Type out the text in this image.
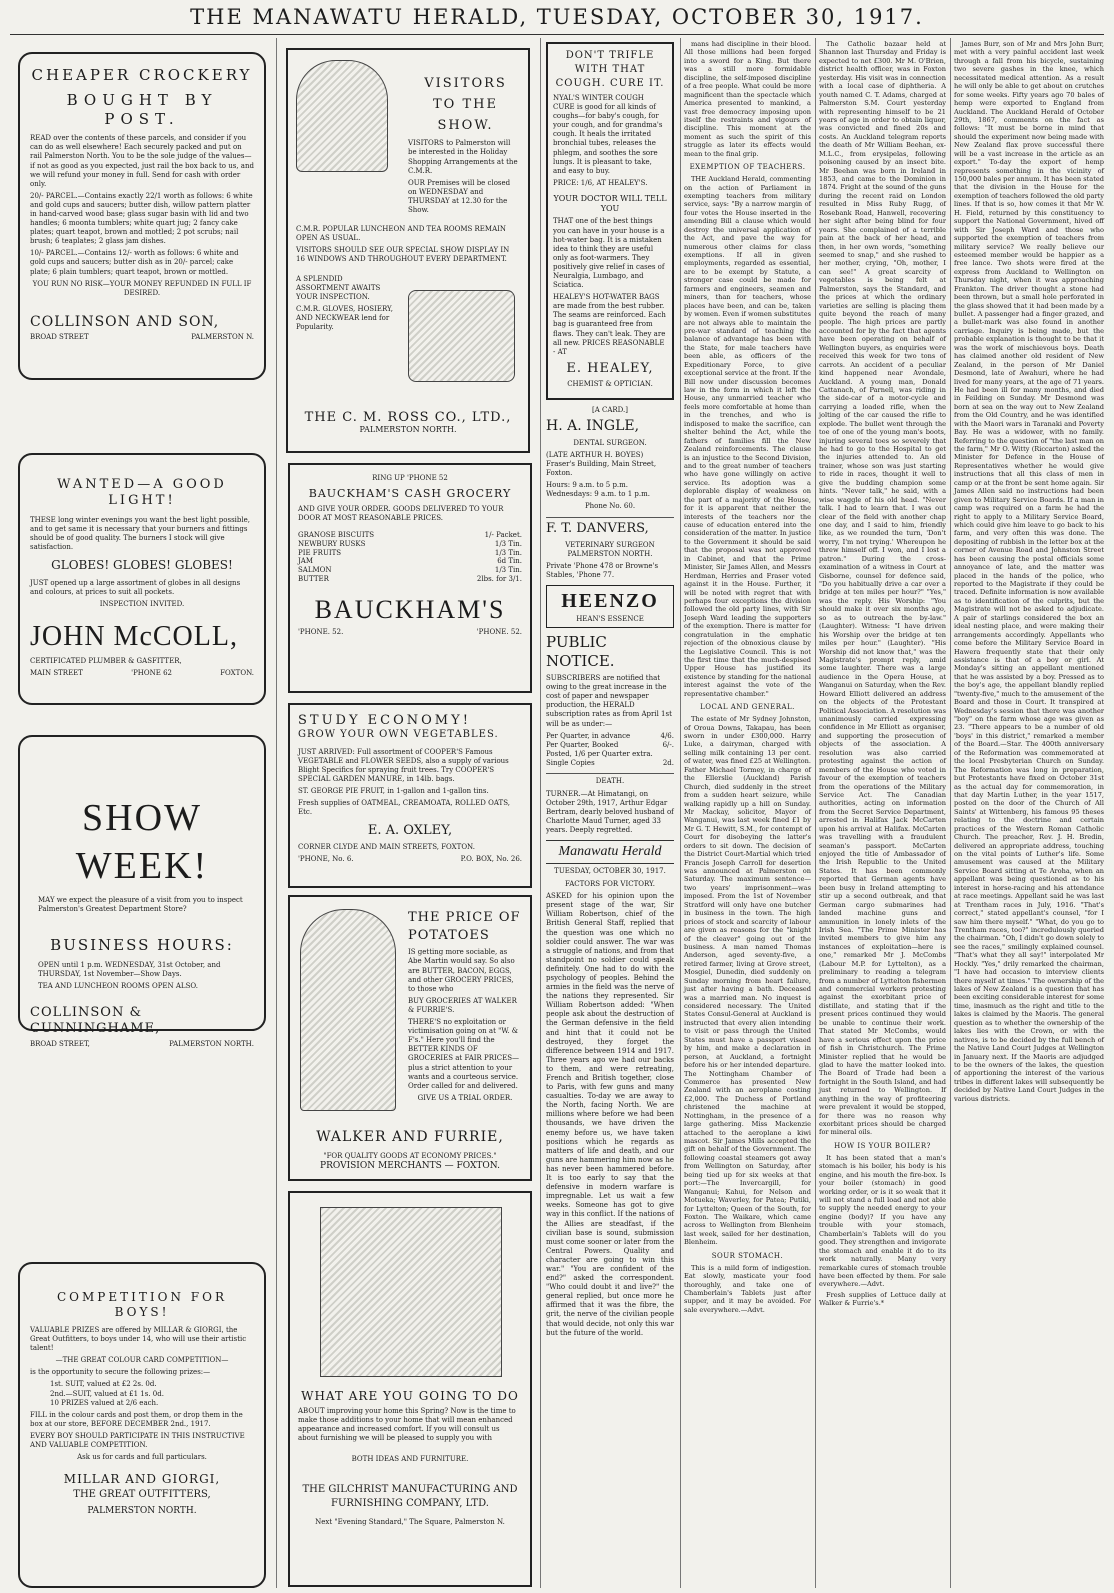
THE MANAWATU HERALD, TUESDAY, OCTOBER 30, 1917.
CHEAPER CROCKERY
BOUGHT BY POST.

READ over the contents of these parcels, and consider if you can do as well elsewhere! Each securely packed and put on rail Palmerston North. You to be the sole judge of the values—if not as good as you expected, just rail the box back to us, and we will refund your money in full. Send for cash with order only.

20/- PARCEL.—Contains exactly 22/1 worth as follows: 6 white and gold cups and saucers; butter dish, willow pattern platter in hand-carved wood base; glass sugar basin with lid and two handles; 6 moonta tumblers; white quart jug; 2 fancy cake plates; quart teapot, brown and mottled; 2 pot scrubs; nail brush; 6 teaplates; 2 glass jam dishes.

10/- PARCEL.—Contains 12/- worth as follows: 6 white and gold cups and saucers; butter dish as in 20/- parcel; cake plate; 6 plain tumblers; quart teapot, brown or mottled.

YOU RUN NO RISK—YOUR MONEY REFUNDED IN FULL IF DESIRED.

COLLINSON AND SON,
BROAD STREET	PALMERSTON N.
WANTED—A GOOD LIGHT!

THESE long winter evenings you want the best light possible, and to get same it is necessary that your burners and fittings should be of good quality. The burners I stock will give satisfaction.

GLOBES! GLOBES! GLOBES!

JUST opened up a large assortment of globes in all designs and colours, at prices to suit all pockets.

INSPECTION INVITED.

JOHN McCOLL,
CERTIFICATED PLUMBER & GASFITTER,
MAIN STREET	'PHONE 62	FOXTON.
SHOW WEEK!

MAY we expect the pleasure of a visit from you to inspect Palmerston's Greatest Department Store?

BUSINESS HOURS:

OPEN until 1 p.m. WEDNESDAY, 31st October, and THURSDAY, 1st November—Show Days.

TEA AND LUNCHEON ROOMS OPEN ALSO.

COLLINSON & CUNNINGHAME,
BROAD STREET,	PALMERSTON NORTH.
COMPETITION FOR BOYS!

VALUABLE PRIZES are offered by MILLAR & GIORGI, the Great Outfitters, to boys under 14, who will use their artistic talent!

—THE GREAT COLOUR CARD COMPETITION—

is the opportunity to secure the following prizes:—

1st. SUIT, valued at £2 2s. 0d.

2nd.—SUIT, valued at £1 1s. 0d.

10 PRIZES valued at 2/6 each.

FILL in the colour cards and post them, or drop them in the box at our store, BEFORE DECEMBER 2nd., 1917.

EVERY BOY SHOULD PARTICIPATE IN THIS INSTRUCTIVE AND VALUABLE COMPETITION.

Ask us for cards and full particulars.

MILLAR AND GIORGI,
THE GREAT OUTFITTERS,
PALMERSTON NORTH.
VISITORS TO THE SHOW.

VISITORS to Palmerston will be interested in the Holiday Shopping Arrangements at the C.M.R.

OUR Premises will be closed on WEDNESDAY and THURSDAY at 12.30 for the Show.

C.M.R. POPULAR LUNCHEON AND TEA ROOMS REMAIN OPEN AS USUAL.

VISITORS SHOULD SEE OUR SPECIAL SHOW DISPLAY IN 16 WINDOWS AND THROUGHOUT EVERY DEPARTMENT.

A SPLENDID ASSORTMENT AWAITS YOUR INSPECTION.

C.M.R. GLOVES, HOSIERY, AND NECKWEAR lend for Popularity.

THE C. M. ROSS CO., LTD.,
PALMERSTON NORTH.
RING UP 'PHONE 52
BAUCKHAM'S CASH GROCERY

AND GIVE YOUR ORDER. GOODS DELIVERED TO YOUR DOOR AT MOST REASONABLE PRICES.

GRANOSE BISCUITS	1/- Packet.
NEWBURY RUSKS	1/3 Tin.
PIE FRUITS	1/3 Tin.
JAM	6d Tin.
SALMON	1/3 Tin.
BUTTER	2lbs. for 3/1.
BAUCKHAM'S
'PHONE. 52.	'PHONE. 52.
STUDY ECONOMY!
GROW YOUR OWN VEGETABLES.

JUST ARRIVED: Full assortment of COOPER'S Famous VEGETABLE and FLOWER SEEDS, also a supply of various Blight Specifics for spraying fruit trees. Try COOPER'S SPECIAL GARDEN MANURE, in 14lb. bags.

ST. GEORGE PIE FRUIT, in 1-gallon and 1-gallon tins.

Fresh supplies of OATMEAL, CREAMOATA, ROLLED OATS, Etc.

E. A. OXLEY,
CORNER CLYDE AND MAIN STREETS, FOXTON.
'PHONE, No. 6.	P.O. BOX, No. 26.
THE PRICE OF POTATOES

IS getting more sociable, as Abe Martin would say. So also are BUTTER, BACON, EGGS, and other GROCERY PRICES, to those who

BUY GROCERIES AT WALKER & FURRIE'S.

THERE'S no exploitation or victimisation going on at "W. & F's." Here you'll find the BETTER KINDS OF GROCERIES at FAIR PRICES—plus a strict attention to your wants and a courteous service. Order called for and delivered.

GIVE US A TRIAL ORDER.

WALKER AND FURRIE,
"FOR QUALITY GOODS AT ECONOMY PRICES."
PROVISION MERCHANTS — FOXTON.
WHAT ARE YOU GOING TO DO

ABOUT improving your home this Spring? Now is the time to make those additions to your home that will mean enhanced appearance and increased comfort. If you will consult us about furnishing we will be pleased to supply you with

BOTH IDEAS AND FURNITURE.

THE GILCHRIST MANUFACTURING AND FURNISHING COMPANY, LTD.
Next "Evening Standard," The Square, Palmerston N.
DON'T TRIFLE WITH THAT COUGH. CURE IT.

NYAL'S WINTER COUGH CURE is good for all kinds of coughs—for baby's cough, for your cough, and for grandma's cough. It heals the irritated bronchial tubes, releases the phlegm, and soothes the sore lungs. It is pleasant to take, and easy to buy.

PRICE: 1/6, AT HEALEY'S.

YOUR DOCTOR WILL TELL YOU

THAT one of the best things you can have in your house is a hot-water bag. It is a mistaken idea to think they are useful only as foot-warmers. They positively give relief in cases of Neuralgia, Lumbago, and Sciatica.

HEALEY'S HOT-WATER BAGS are made from the best rubber. The seams are reinforced. Each bag is guaranteed free from flaws. They can't leak. They are all new. PRICES REASONABLE - AT

E. HEALEY,
CHEMIST & OPTICIAN.
[A CARD.]
H. A. INGLE,
DENTAL SURGEON.
(LATE ARTHUR H. BOYES) Fraser's Building, Main Street, Foxton.
Hours: 9 a.m. to 5 p.m. Wednesdays: 9 a.m. to 1 p.m.
Phone No. 60.
F. T. DANVERS,
VETERINARY SURGEON PALMERSTON NORTH.
Private 'Phone 478 or Browne's Stables, 'Phone 77.
HEENZO
HEAN'S ESSENCE
PUBLIC NOTICE.

SUBSCRIBERS are notified that owing to the great increase in the cost of paper and newspaper production, the HERALD subscription rates as from April 1st will be as under:—

Per Quarter, in advance	4/6.
Per Quarter, Booked	6/-.
Posted, 1/6 per Quarter extra.
Single Copies	2d.
DEATH.

TURNER.—At Himatangi, on October 29th, 1917, Arthur Edgar Bertram, dearly beloved husband of Charlotte Maud Turner, aged 33 years. Deeply regretted.

Manawatu Herald
TUESDAY, OCTOBER 30, 1917.
FACTORS FOR VICTORY.

ASKED for his opinion upon the present stage of the war, Sir William Robertson, chief of the British General Staff, replied that the question was one which no soldier could answer. The war was a struggle of nations, and from that standpoint no soldier could speak definitely. One had to do with the psychology of peoples. Behind the armies in the field was the nerve of the nations they represented. Sir William Robertson added: "When people ask about the destruction of the German defensive in the field and hint that it could not be destroyed, they forget the difference between 1914 and 1917. Three years ago we had our backs to them, and were retreating, French and British together, close to Paris, with few guns and many casualties. To-day we are away to the North, facing North. We are millions where before we had been thousands, we have driven the enemy before us, we have taken positions which he regards as matters of life and death, and our guns are hammering him now as he has never been hammered before. It is too early to say that the defensive in modern warfare is impregnable. Let us wait a few weeks. Someone has got to give way in this conflict. If the nations of the Allies are steadfast, if the civilian base is sound, submission must come sooner or later from the Central Powers. Quality and character are going to win this war." "You are confident of the end?" asked the correspondent. "Who could doubt it and live?" the general replied, but once more he affirmed that it was the fibre, the grit, the nerve of the civilian people that would decide, not only this war but the future of the world.

mans had discipline in their blood. All those millions had been forged into a sword for a King. But there was a still more formidable discipline, the self-imposed discipline of a free people. What could be more magnificent than the spectacle which America presented to mankind, a vast free democracy imposing upon itself the restraints and vigours of discipline. This moment at the moment as such the spirit of this struggle as later its effects would mean to the final grip.

EXEMPTION OF TEACHERS.

THE Auckland Herald, commenting on the action of Parliament in exempting teachers from military service, says: "By a narrow margin of four votes the House inserted in the amending Bill a clause which would destroy the universal application of the Act, and pave the way for numerous other claims for class exemptions. If all in given employments, regarded as essential, are to be exempt by Statute, a stronger case could be made for farmers and engineers, seamen and miners, than for teachers, whose places have been, and can be, taken by women. Even if women substitutes are not always able to maintain the pre-war standard of teaching the balance of advantage has been with the State, for male teachers have been able, as officers of the Expeditionary Force, to give exceptional service at the front. If the Bill now under discussion becomes law in the form in which it left the House, any unmarried teacher who feels more comfortable at home than in the trenches, and who is indisposed to make the sacrifice, can shelter behind the Act, while the fathers of families fill the New Zealand reinforcements. The clause is an injustice to the Second Division, and to the great number of teachers who have gone willingly on active service. Its adoption was a deplorable display of weakness on the part of a majority of the House, for it is apparent that neither the interests of the teachers nor the cause of education entered into the consideration of the matter. In justice to the Government it should be said that the proposal was not approved in Cabinet, and that the Prime Minister, Sir James Allen, and Messrs Herdman, Herries and Fraser voted against it in the House. Further, it will be noted with regret that with perhaps four exceptions the division followed the old party lines, with Sir Joseph Ward leading the supporters of the exemption. There is matter for congratulation in the emphatic rejection of the obnoxious clause by the Legislative Council. This is not the first time that the much-despised Upper House has justified its existence by standing for the national interest against the vote of the representative chamber."

LOCAL AND GENERAL.

The estate of Mr Sydney Johnston, of Oroua Downs, Takapau, has been sworn in under £300,000. Harry Luke, a dairyman, charged with selling milk containing 13 per cent. of water, was fined £25 at Wellington. Father Michael Tormey, in charge of the Ellerslie (Auckland) Parish Church, died suddenly in the street from a sudden heart seizure, while walking rapidly up a hill on Sunday. Mr Mackay, solicitor, Mayor of Wanganui, was last week fined £1 by Mr G. T. Hewitt, S.M., for contempt of Court for disobeying the latter's orders to sit down. The decision of the District Court-Martial which tried Francis Joseph Carroll for desertion was announced at Palmerston on Saturday. The maximum sentence—two years' imprisonment—was imposed. From the 1st of November Stratford will only have one butcher in business in the town. The high prices of stock and scarcity of labour are given as reasons for the "knight of the cleaver" going out of the business. A man named Thomas Anderson, aged seventy-five, a retired farmer, living at Grove street, Mosgiel, Dunedin, died suddenly on Sunday morning from heart failure, just after having a bath. Deceased was a married man. No inquest is considered necessary. The United States Consul-General at Auckland is instructed that every alien intending to visit or pass through the United States must have a passport visaed by him, and make a declaration in person, at Auckland, a fortnight before his or her intended departure. The Nottingham Chamber of Commerce has presented New Zealand with an aeroplane costing £2,000. The Duchess of Portland christened the machine at Nottingham, in the presence of a large gathering. Miss Mackenzie attached to the aeroplane a kiwi mascot. Sir James Mills accepted the gift on behalf of the Government. The following coastal steamers got away from Wellington on Saturday, after being tied up for six weeks at that port:—The Invercargill, for Wanganui; Kahui, for Nelson and Motueka; Waverley, for Patea; Putiki, for Lyttelton; Queen of the South, for Foxton. The Waikare, which came across to Wellington from Blenheim last week, sailed for her destination, Blenheim.

SOUR STOMACH.

This is a mild form of indigestion. Eat slowly, masticate your food thoroughly, and take one of Chamberlain's Tablets just after supper, and it may be avoided. For sale everywhere.—Advt.

The Catholic bazaar held at Shannon last Thursday and Friday is expected to net £300. Mr M. O'Brien, district health officer, was in Foxton yesterday. His visit was in connection with a local case of diphtheria. A youth named C. T. Adams, charged at Palmerston S.M. Court yesterday with representing himself to be 21 years of age in order to obtain liquor, was convicted and fined 20s and costs. An Auckland telegram reports the death of Mr William Beehan, ex-M.L.C., from erysipelas, following poisoning caused by an insect bite. Mr Beehan was born in Ireland in 1853, and came to the Dominion in 1874. Fright at the sound of the guns during the recent raid on London resulted in Miss Ruby Rugg, of Rosebank Road, Hanwell, recovering her sight after being blind for four years. She complained of a terrible pain at the back of her head, and then, in her own words, "something seemed to snap," and she rushed to her mother, crying, "Oh, mother, I can see!" A great scarcity of vegetables is being felt at Palmerston, says the Standard, and the prices at which the ordinary varieties are selling is placing them quite beyond the reach of many people. The high prices are partly accounted for by the fact that agents have been operating on behalf of Wellington buyers, as enquiries were received this week for two tons of carrots. An accident of a peculiar kind happened near Avondale, Auckland. A young man, Donald Cattanach, of Parnell, was riding in the side-car of a motor-cycle and carrying a loaded rifle, when the jolting of the car caused the rifle to explode. The bullet went through the toe of one of the young man's boots, injuring several toes so severely that he had to go to the Hospital to get the injuries attended to. An old trainer, whose son was just starting to ride in races, thought it well to give the budding champion some hints. "Never talk," he said, with a wise waggle of his old head. "Never talk. I had to learn that. I was out clear of the field with another chap one day, and I said to him, friendly like, as we rounded the turn, 'Don't worry, I'm not trying.' Whereupon he threw himself off. I won, and I lost a patron." During the cross-examination of a witness in Court at Gisborne, counsel for defence said, "Do you habitually drive a car over a bridge at ten miles per hour?" "Yes," was the reply. His Worship: "You should make it over six months ago, so as to outreach the by-law." (Laughter). Witness: "I have driven his Worship over the bridge at ten miles per hour." (Laughter). "His Worship did not know that," was the Magistrate's prompt reply, amid some laughter. There was a large audience in the Opera House, at Wanganui on Saturday, when the Rev. Howard Elliott delivered an address on the objects of the Protestant Political Association. A resolution was unanimously carried expressing confidence in Mr Elliott as organiser, and supporting the prosecution of objects of the association. A resolution was also carried protesting against the action of members of the House who voted in favour of the exemption of teachers from the operations of the Military Service Act. The Canadian authorities, acting on information from the Secret Service Department, arrested in Halifax Jack McCarten upon his arrival at Halifax. McCarten was travelling with a fraudulent seaman's passport. McCarten enjoyed the title of Ambassador of the Irish Republic to the United States. It has been commonly reported that German agents have been busy in Ireland attempting to stir up a second outbreak, and that German cargo submarines had landed machine guns and ammunition in lonely inlets of the Irish Sea. "The Prime Minister has invited members to give him any instances of exploitation—here is one," remarked Mr J. McCombs (Labour M.P. for Lyttelton), as a preliminary to reading a telegram from a number of Lyttelton fishermen and commercial workers protesting against the exorbitant price of distillate, and stating that if the present prices continued they would be unable to continue their work. That stated Mr McCombs, would have a serious effect upon the price of fish in Christchurch. The Prime Minister replied that he would be glad to have the matter looked into. The Board of Trade had been a fortnight in the South Island, and had just returned to Wellington. If anything in the way of profiteering were prevalent it would be stopped, for there was no reason why exorbitant prices should be charged for mineral oils.

HOW IS YOUR BOILER?

It has been stated that a man's stomach is his boiler, his body is his engine, and his mouth the fire-box. Is your boiler (stomach) in good working order, or is it so weak that it will not stand a full load and not able to supply the needed energy to your engine (body)? If you have any trouble with your stomach, Chamberlain's Tablets will do you good. They strengthen and invigorate the stomach and enable it do to its work naturally. Many very remarkable cures of stomach trouble have been effected by them. For sale everywhere.—Advt.

Fresh supplies of Lettuce daily at Walker & Furrie's.*

James Burr, son of Mr and Mrs John Burr, met with a very painful accident last week through a fall from his bicycle, sustaining two severe gashes in the knee, which necessitated medical attention. As a result he will only be able to get about on crutches for some weeks. Fifty years ago 70 bales of hemp were exported to England from Auckland. The Auckland Herald of October 29th, 1867, comments on the fact as follows: "It must be borne in mind that should the experiment now being made with New Zealand flax prove successful there will be a vast increase in the article as an export." To-day the export of hemp represents something in the vicinity of 150,000 bales per annum. It has been stated that the division in the House for the exemption of teachers followed the old party lines. If that is so, how comes it that Mr W. H. Field, returned by this constituency to support the National Government, hived off with Sir Joseph Ward and those who supported the exemption of teachers from military service? We really believe our esteemed member would be happier as a free lance. Two shots were fired at the express from Auckland to Wellington on Thursday night, when it was approaching Frankton. The driver thought a stone had been thrown, but a small hole perforated in the glass showed that it had been made by a bullet. A passenger had a finger grazed, and a bullet-mark was also found in another carriage. Inquiry is being made, but the probable explanation is thought to be that it was the work of mischievous boys. Death has claimed another old resident of New Zealand, in the person of Mr Daniel Desmond, late of Awahuri, where he had lived for many years, at the age of 71 years. He had been ill for many months, and died in Feilding on Sunday. Mr Desmond was born at sea on the way out to New Zealand from the Old Country, and he was identified with the Maori wars in Taranaki and Poverty Bay. He was a widower, with no family. Referring to the question of "the last man on the farm," Mr O. Witty (Riccarton) asked the Minister for Defence in the House of Representatives whether he would give instructions that all this class of men in camp or at the front be sent home again. Sir James Allen said no instructions had been given to Military Service Boards. If a man in camp was required on a farm he had the right to apply to a Military Service Board, which could give him leave to go back to his farm, and very often this was done. The depositing of rubbish in the letter box at the corner of Avenue Road and Johnston Street has been causing the postal officials some annoyance of late, and the matter was placed in the hands of the police, who reported to the Magistrate if they could be traced. Definite information is now available as to identification of the culprits, but the Magistrate will not be asked to adjudicate. A pair of starlings considered the box an ideal nesting place, and were making their arrangements accordingly. Appellants who come before the Military Service Board in Hawera frequently state that their only assistance is that of a boy or girl. At Monday's sitting an appellant mentioned that he was assisted by a boy. Pressed as to the boy's age, the appellant blandly replied "twenty-five," much to the amusement of the Board and those in Court. It transpired at Wednesday's session that there was another "boy" on the farm whose age was given as 23. "There appears to be a number of old 'boys' in this district," remarked a member of the Board.—Star. The 400th anniversary of the Reformation was commemorated at the local Presbyterian Church on Sunday. The Reformation was long in preparation, but Protestants have fixed on October 31st as the actual day for commemoration, in that day Martin Luther, in the year 1517, posted on the door of the Church of All Saints' at Wittenberg, his famous 95 theses relating to the doctrine and certain practices of the Western Roman Catholic Church. The preacher, Rev. J. H. Bredin, delivered an appropriate address, touching on the vital points of Luther's life. Some amusement was caused at the Military Service Board sitting at Te Aroha, when an appellant was being questioned as to his interest in horse-racing and his attendance at race meetings. Appellant said he was last at Trentham races in July, 1916. "That's correct," stated appellant's counsel, "for I saw him there myself." "What, do you go to Trentham races, too?" incredulously queried the chairman. "Oh, I didn't go down solely to see the races," smilingly explained counsel. "That's what they all say!" interpolated Mr Hockly. "Yes," drily remarked the chairman, "I have had occasion to interview clients there myself at times." The ownership of the lakes of New Zealand is a question that has been exciting considerable interest for some time, inasmuch as the right and title to the lakes is claimed by the Maoris. The general question as to whether the ownership of the lakes lies with the Crown, or with the natives, is to be decided by the full bench of the Native Land Court Judges at Wellington in January next. If the Maoris are adjudged to be the owners of the lakes, the question of apportioning the interest of the various tribes in different lakes will subsequently be decided by Native Land Court Judges in the various districts.
